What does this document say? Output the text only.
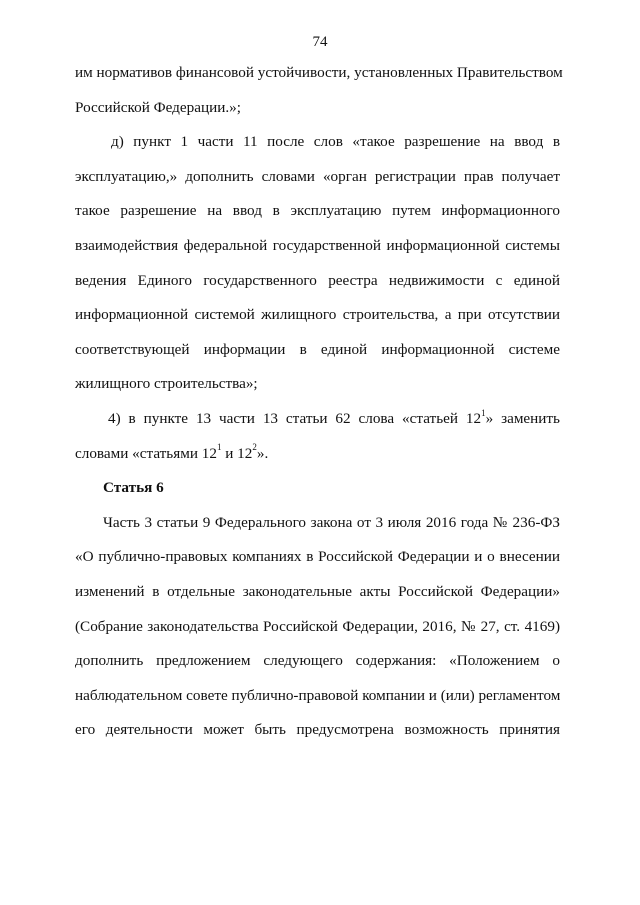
74
им нормативов финансовой устойчивости, установленных Правительством
Российской Федерации.»;
д) пункт 1 части 11 после слов «такое разрешение на ввод в
эксплуатацию,» дополнить словами «орган регистрации прав получает
такое разрешение на ввод в эксплуатацию путем информационного
взаимодействия федеральной государственной информационной системы
ведения Единого государственного реестра недвижимости с единой
информационной системой жилищного строительства, а при отсутствии
соответствующей информации в единой информационной системе
жилищного строительства»;
4) в пункте 13 части 13 статьи 62 слова «статьей $12^1$» заменить
словами «статьями $12^1$ и $12^2$».
Статья 6
Часть 3 статьи 9 Федерального закона от 3 июля 2016 года № 236-ФЗ
«О публично-правовых компаниях в Российской Федерации и о внесении
изменений в отдельные законодательные акты Российской Федерации»
(Собрание законодательства Российской Федерации, 2016, № 27, ст. 4169)
дополнить предложением следующего содержания: «Положением о
наблюдательном совете публично-правовой компании и (или) регламентом
его деятельности может быть предусмотрена возможность принятия
